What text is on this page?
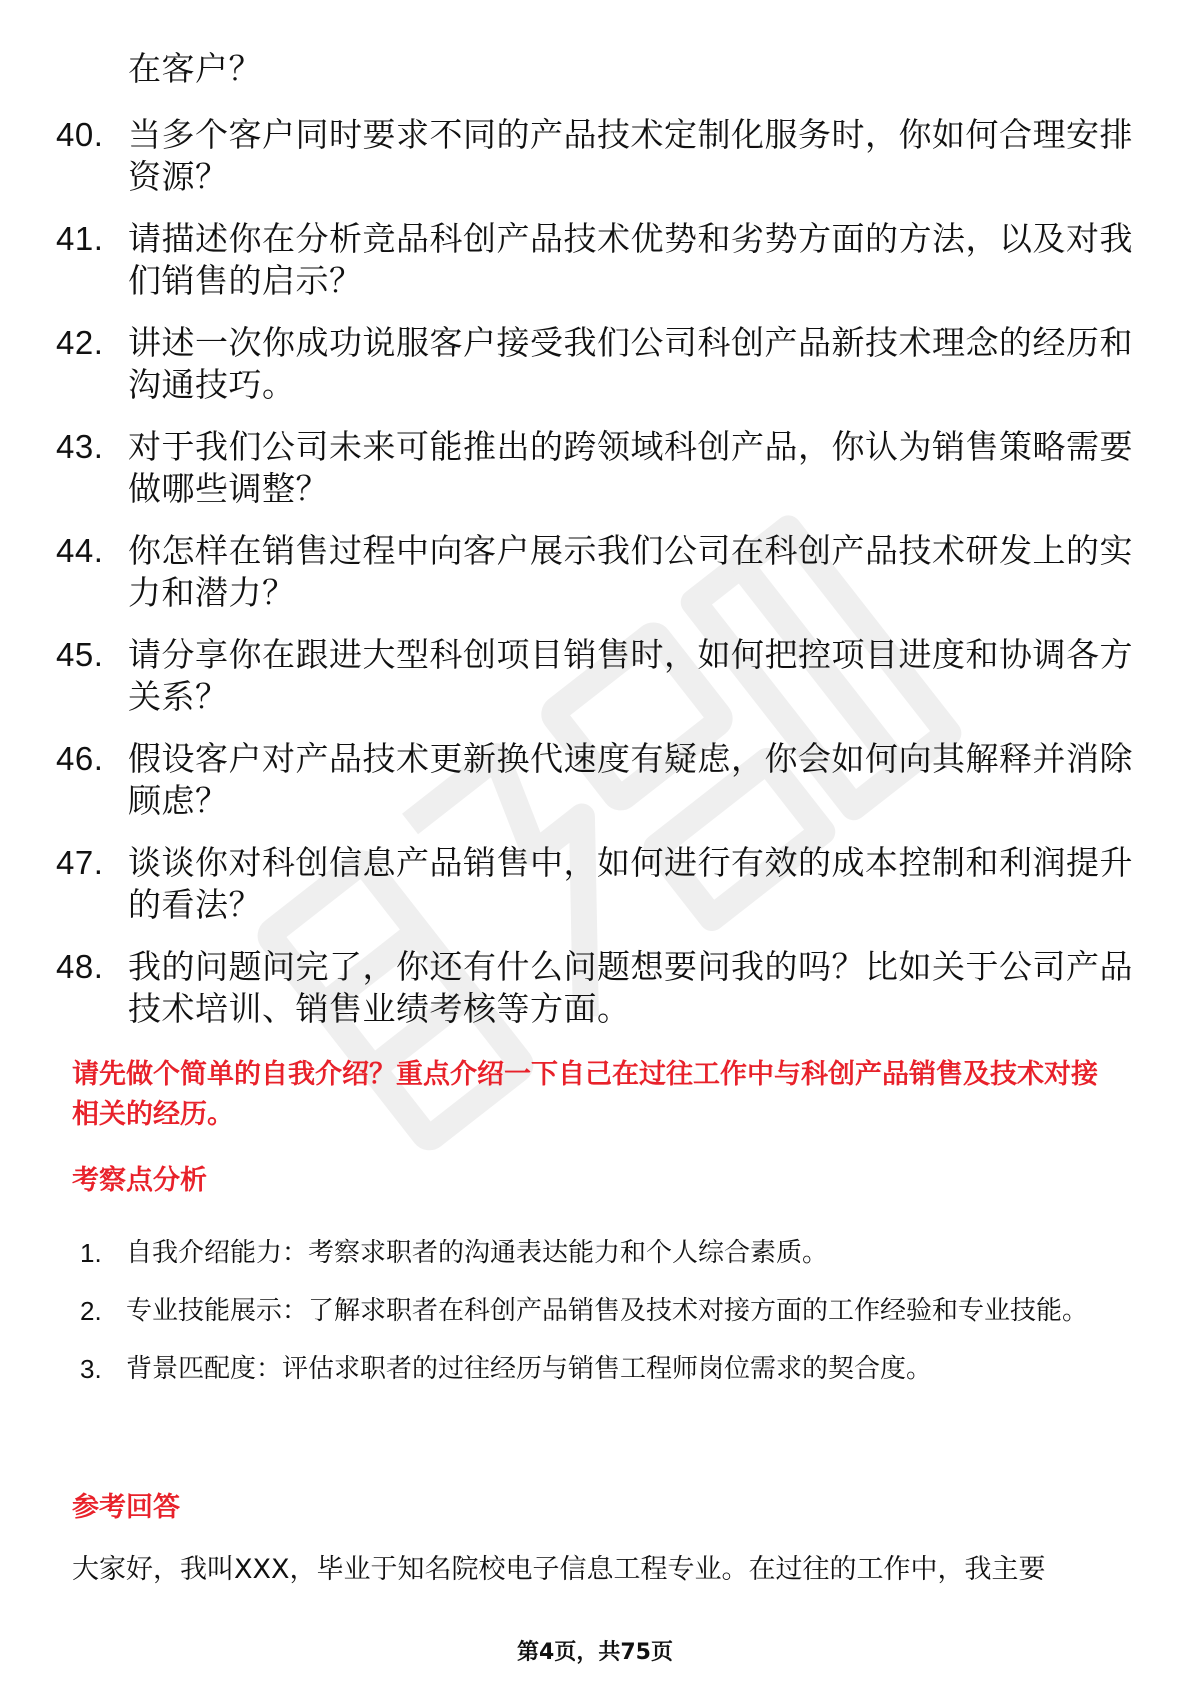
在客户？
40. 当多个客户同时要求不同的产品技术定制化服务时，你如何合理安排资源？
41. 请描述你在分析竞品科创产品技术优势和劣势方面的方法，以及对我们销售的启示？
42. 讲述一次你成功说服客户接受我们公司科创产品新技术理念的经历和沟通技巧。
43. 对于我们公司未来可能推出的跨领域科创产品，你认为销售策略需要做哪些调整？
44. 你怎样在销售过程中向客户展示我们公司在科创产品技术研发上的实力和潜力？
45. 请分享你在跟进大型科创项目销售时，如何把控项目进度和协调各方关系？
46. 假设客户对产品技术更新换代速度有疑虑，你会如何向其解释并消除顾虑？
47. 谈谈你对科创信息产品销售中，如何进行有效的成本控制和利润提升的看法？
48. 我的问题问完了，你还有什么问题想要问我的吗？比如关于公司产品技术培训、销售业绩考核等方面。
请先做个简单的自我介绍？重点介绍一下自己在过往工作中与科创产品销售及技术对接相关的经历。
考察点分析
1. 自我介绍能力：考察求职者的沟通表达能力和个人综合素质。
2. 专业技能展示：了解求职者在科创产品销售及技术对接方面的工作经验和专业技能。
3. 背景匹配度：评估求职者的过往经历与销售工程师岗位需求的契合度。
参考回答
大家好，我叫XXX，毕业于知名院校电子信息工程专业。在过往的工作中，我主要
第4页，共75页
